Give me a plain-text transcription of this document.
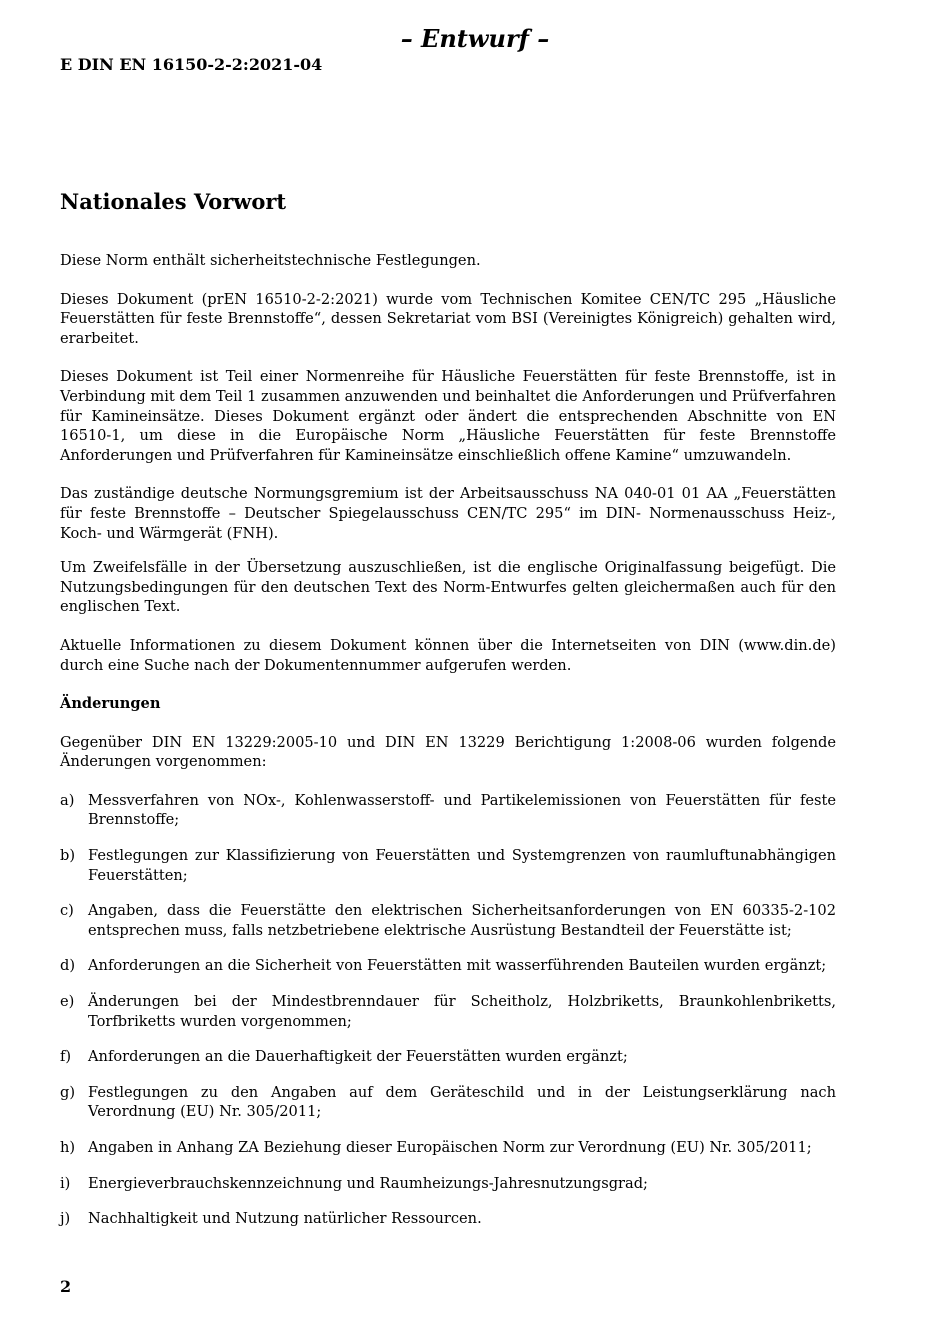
– Entwurf –
E DIN EN 16150-2-2:2021-04
Nationales Vorwort

Diese Norm enthält sicherheitstechnische Festlegungen.

Dieses Dokument (prEN 16510-2-2:2021) wurde vom Technischen Komitee CEN/TC 295 „Häusliche Feuerstätten für feste Brennstoffe“, dessen Sekretariat vom BSI (Vereinigtes Königreich) gehalten wird, erarbeitet.

Dieses Dokument ist Teil einer Normenreihe für Häusliche Feuerstätten für feste Brennstoffe, ist in Verbindung mit dem Teil 1 zusammen anzuwenden und beinhaltet die Anforderungen und Prüfverfahren für Kamineinsätze. Dieses Dokument ergänzt oder ändert die entsprechenden Abschnitte von EN 16510-1, um diese in die Europäische Norm „Häusliche Feuerstätten für feste Brennstoffe Anforderungen und Prüfverfahren für Kamineinsätze einschließlich offene Kamine“ umzuwandeln.

Das zuständige deutsche Normungsgremium ist der Arbeitsausschuss NA 040-01 01 AA „Feuerstätten für feste Brennstoffe – Deutscher Spiegelausschuss CEN/TC 295“ im DIN- Normenausschuss Heiz-, Koch- und Wärmgerät (FNH).

Um Zweifelsfälle in der Übersetzung auszuschließen, ist die englische Originalfassung beigefügt. Die Nutzungsbedingungen für den deutschen Text des Norm-Entwurfes gelten gleichermaßen auch für den englischen Text.

Aktuelle Informationen zu diesem Dokument können über die Internetseiten von DIN (www.din.de) durch eine Suche nach der Dokumentennummer aufgerufen werden.

Änderungen

Gegenüber DIN EN 13229:2005-10 und DIN EN 13229 Berichtigung 1:2008-06 wurden folgende Änderungen vorgenommen:

a) Messverfahren von NOx-, Kohlenwasserstoff- und Partikelemissionen von Feuerstätten für feste Brennstoffe;
b) Festlegungen zur Klassifizierung von Feuerstätten und Systemgrenzen von raumluftunabhängigen Feuerstätten;
c) Angaben, dass die Feuerstätte den elektrischen Sicherheitsanforderungen von EN 60335-2-102 entsprechen muss, falls netzbetriebene elektrische Ausrüstung Bestandteil der Feuerstätte ist;
d) Anforderungen an die Sicherheit von Feuerstätten mit wasserführenden Bauteilen wurden ergänzt;
e) Änderungen bei der Mindestbrenndauer für Scheitholz, Holzbriketts, Braunkohlenbriketts, Torfbriketts wurden vorgenommen;
f) Anforderungen an die Dauerhaftigkeit der Feuerstätten wurden ergänzt;
g) Festlegungen zu den Angaben auf dem Geräteschild und in der Leistungserklärung nach Verordnung (EU) Nr. 305/2011;
h) Angaben in Anhang ZA Beziehung dieser Europäischen Norm zur Verordnung (EU) Nr. 305/2011;
i) Energieverbrauchskennzeichnung und Raumheizungs-Jahresnutzungsgrad;
j) Nachhaltigkeit und Nutzung natürlicher Ressourcen.
2
